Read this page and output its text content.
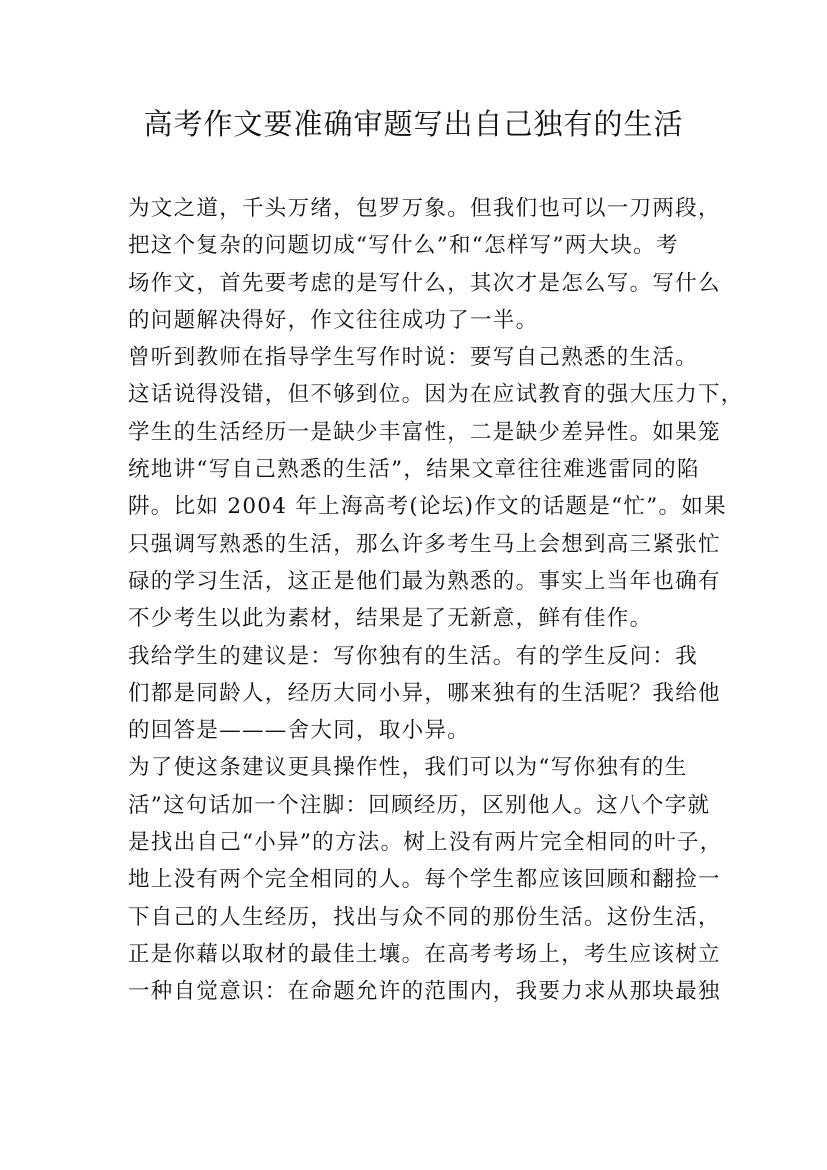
高考作文要准确审题写出自己独有的生活
为文之道，千头万绪，包罗万象。但我们也可以一刀两段，
把这个复杂的问题切成“写什么”和“怎样写”两大块。考
场作文，首先要考虑的是写什么，其次才是怎么写。写什么
的问题解决得好，作文往往成功了一半。
曾听到教师在指导学生写作时说：要写自己熟悉的生活。
这话说得没错，但不够到位。因为在应试教育的强大压力下，
学生的生活经历一是缺少丰富性，二是缺少差异性。如果笼
统地讲“写自己熟悉的生活”，结果文章往往难逃雷同的陷
阱。比如 2004 年上海高考(论坛)作文的话题是“忙”。如果
只强调写熟悉的生活，那么许多考生马上会想到高三紧张忙
碌的学习生活，这正是他们最为熟悉的。事实上当年也确有
不少考生以此为素材，结果是了无新意，鲜有佳作。
我给学生的建议是：写你独有的生活。有的学生反问：我
们都是同龄人，经历大同小异，哪来独有的生活呢？我给他
的回答是———舍大同，取小异。
为了使这条建议更具操作性，我们可以为“写你独有的生
活”这句话加一个注脚：回顾经历，区别他人。这八个字就
是找出自己“小异”的方法。树上没有两片完全相同的叶子，
地上没有两个完全相同的人。每个学生都应该回顾和翻捡一
下自己的人生经历，找出与众不同的那份生活。这份生活，
正是你藉以取材的最佳土壤。在高考考场上，考生应该树立
一种自觉意识：在命题允许的范围内，我要力求从那块最独
